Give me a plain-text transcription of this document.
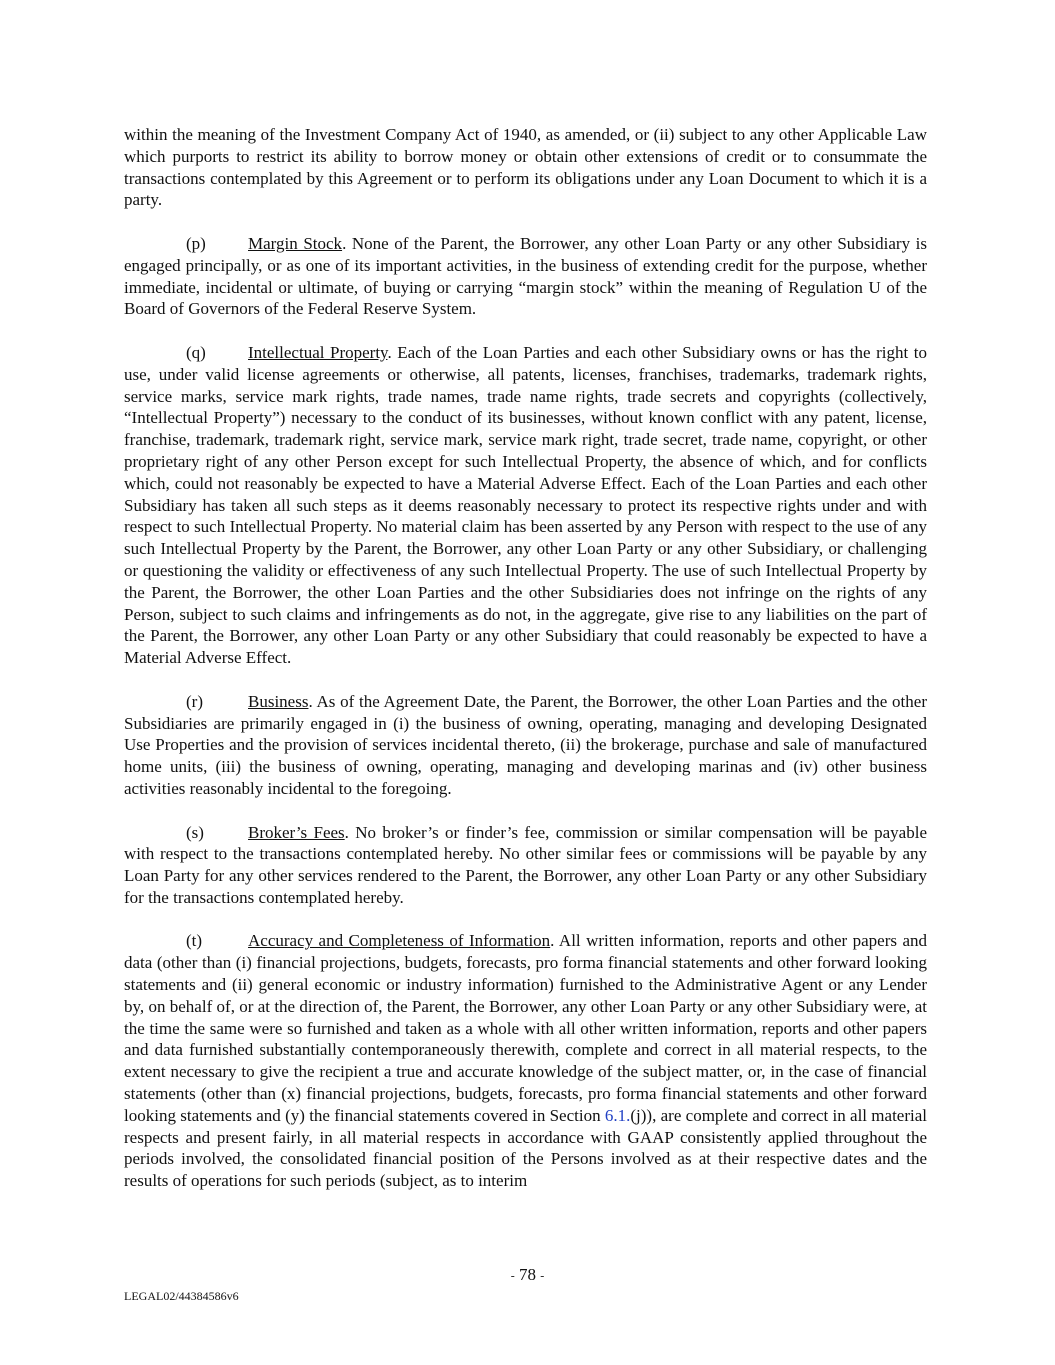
within the meaning of the Investment Company Act of 1940, as amended, or (ii) subject to any other Applicable Law which purports to restrict its ability to borrow money or obtain other extensions of credit or to consummate the transactions contemplated by this Agreement or to perform its obligations under any Loan Document to which it is a party.

(p) Margin Stock. None of the Parent, the Borrower, any other Loan Party or any other Subsidiary is engaged principally, or as one of its important activities, in the business of extending credit for the purpose, whether immediate, incidental or ultimate, of buying or carrying “margin stock” within the meaning of Regulation U of the Board of Governors of the Federal Reserve System.

(q) Intellectual Property. Each of the Loan Parties and each other Subsidiary owns or has the right to use, under valid license agreements or otherwise, all patents, licenses, franchises, trademarks, trademark rights, service marks, service mark rights, trade names, trade name rights, trade secrets and copyrights (collectively, “Intellectual Property”) necessary to the conduct of its businesses, without known conflict with any patent, license, franchise, trademark, trademark right, service mark, service mark right, trade secret, trade name, copyright, or other proprietary right of any other Person except for such Intellectual Property, the absence of which, and for conflicts which, could not reasonably be expected to have a Material Adverse Effect. Each of the Loan Parties and each other Subsidiary has taken all such steps as it deems reasonably necessary to protect its respective rights under and with respect to such Intellectual Property. No material claim has been asserted by any Person with respect to the use of any such Intellectual Property by the Parent, the Borrower, any other Loan Party or any other Subsidiary, or challenging or questioning the validity or effectiveness of any such Intellectual Property. The use of such Intellectual Property by the Parent, the Borrower, the other Loan Parties and the other Subsidiaries does not infringe on the rights of any Person, subject to such claims and infringements as do not, in the aggregate, give rise to any liabilities on the part of the Parent, the Borrower, any other Loan Party or any other Subsidiary that could reasonably be expected to have a Material Adverse Effect.

(r)	Business. As of the Agreement Date, the Parent, the Borrower, the other Loan Parties and the other Subsidiaries are primarily engaged in (i) the business of owning, operating, managing and developing Designated Use Properties and the provision of services incidental thereto, (ii) the brokerage, purchase and sale of manufactured home units, (iii) the business of owning, operating, managing and developing marinas and (iv) other business activities reasonably incidental to the foregoing.

(s)	Broker’s Fees. No broker’s or finder’s fee, commission or similar compensation will be payable with respect to the transactions contemplated hereby. No other similar fees or commissions will be payable by any Loan Party for any other services rendered to the Parent, the Borrower, any other Loan Party or any other Subsidiary for the transactions contemplated hereby.

(t)	Accuracy and Completeness of Information. All written information, reports and other papers and data (other than (i) financial projections, budgets, forecasts, pro forma financial statements and other forward looking statements and (ii) general economic or industry information) furnished to the Administrative Agent or any Lender by, on behalf of, or at the direction of, the Parent, the Borrower, any other Loan Party or any other Subsidiary were, at the time the same were so furnished and taken as a whole with all other written information, reports and other papers and data furnished substantially contemporaneously therewith, complete and correct in all material respects, to the extent necessary to give the recipient a true and accurate knowledge of the subject matter, or, in the case of financial statements (other than (x) financial projections, budgets, forecasts, pro forma financial statements and other forward looking statements and (y) the financial statements covered in Section 6.1.(j)), are complete and correct in all material respects and present fairly, in all material respects in accordance with GAAP consistently applied throughout the periods involved, the consolidated financial position of the Persons involved as at their respective dates and the results of operations for such periods (subject, as to interim

- 78 -
LEGAL02/44384586v6
